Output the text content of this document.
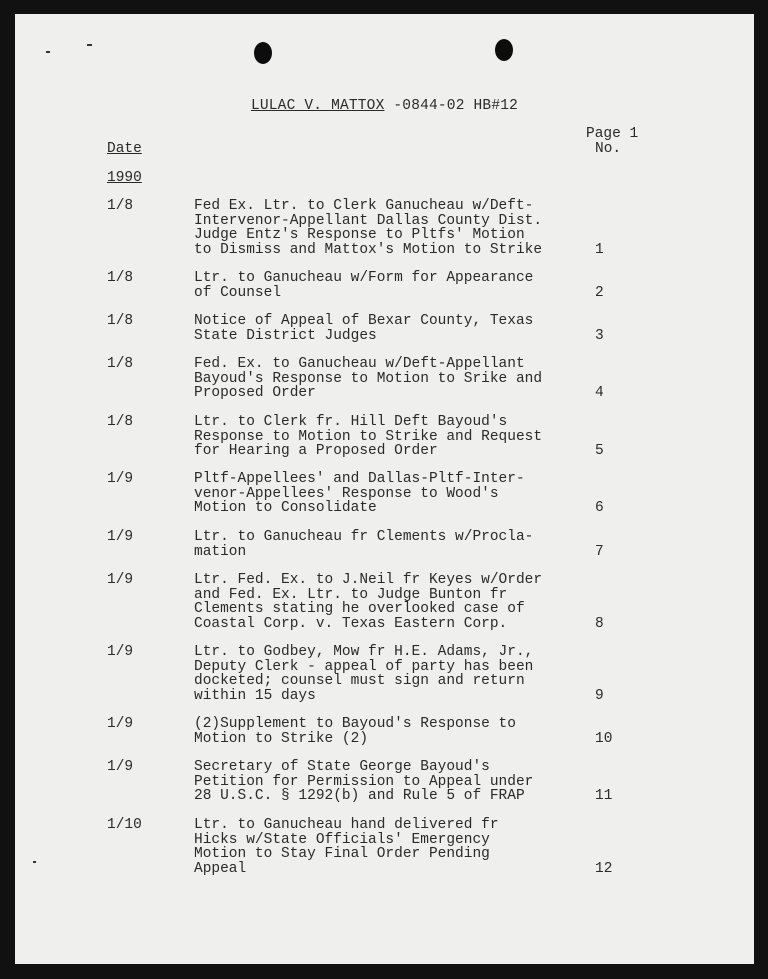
LULAC V. MATTOX -0844-02 HB#12
Page 1
Date	No.
1990
1/8	Fed Ex. Ltr. to Clerk Ganucheau w/Deft-
Intervenor-Appellant Dallas County Dist.
Judge Entz's Response to Pltfs' Motion
to Dismiss and Mattox's Motion to Strike	1
1/8	Ltr. to Ganucheau w/Form for Appearance
of Counsel	2
1/8	Notice of Appeal of Bexar County, Texas
State District Judges	3
1/8	Fed. Ex. to Ganucheau w/Deft-Appellant
Bayoud's Response to Motion to Srike and
Proposed Order	4
1/8	Ltr. to Clerk fr. Hill Deft Bayoud's
Response to Motion to Strike and Request
for Hearing a Proposed Order	5
1/9	Pltf-Appellees' and Dallas-Pltf-Inter-
venor-Appellees' Response to Wood's
Motion to Consolidate	6
1/9	Ltr. to Ganucheau fr Clements w/Procla-
mation	7
1/9	Ltr. Fed. Ex. to J.Neil fr Keyes w/Order
and Fed. Ex. Ltr. to Judge Bunton fr
Clements stating he overlooked case of
Coastal Corp. v. Texas Eastern Corp.	8
1/9	Ltr. to Godbey, Mow fr H.E. Adams, Jr.,
Deputy Clerk - appeal of party has been
docketed; counsel must sign and return
within 15 days	9
1/9	(2)Supplement to Bayoud's Response to
Motion to Strike (2)	10
1/9	Secretary of State George Bayoud's
Petition for Permission to Appeal under
28 U.S.C. § 1292(b) and Rule 5 of FRAP	11
1/10	Ltr. to Ganucheau hand delivered fr
Hicks w/State Officials' Emergency
Motion to Stay Final Order Pending
Appeal	12
